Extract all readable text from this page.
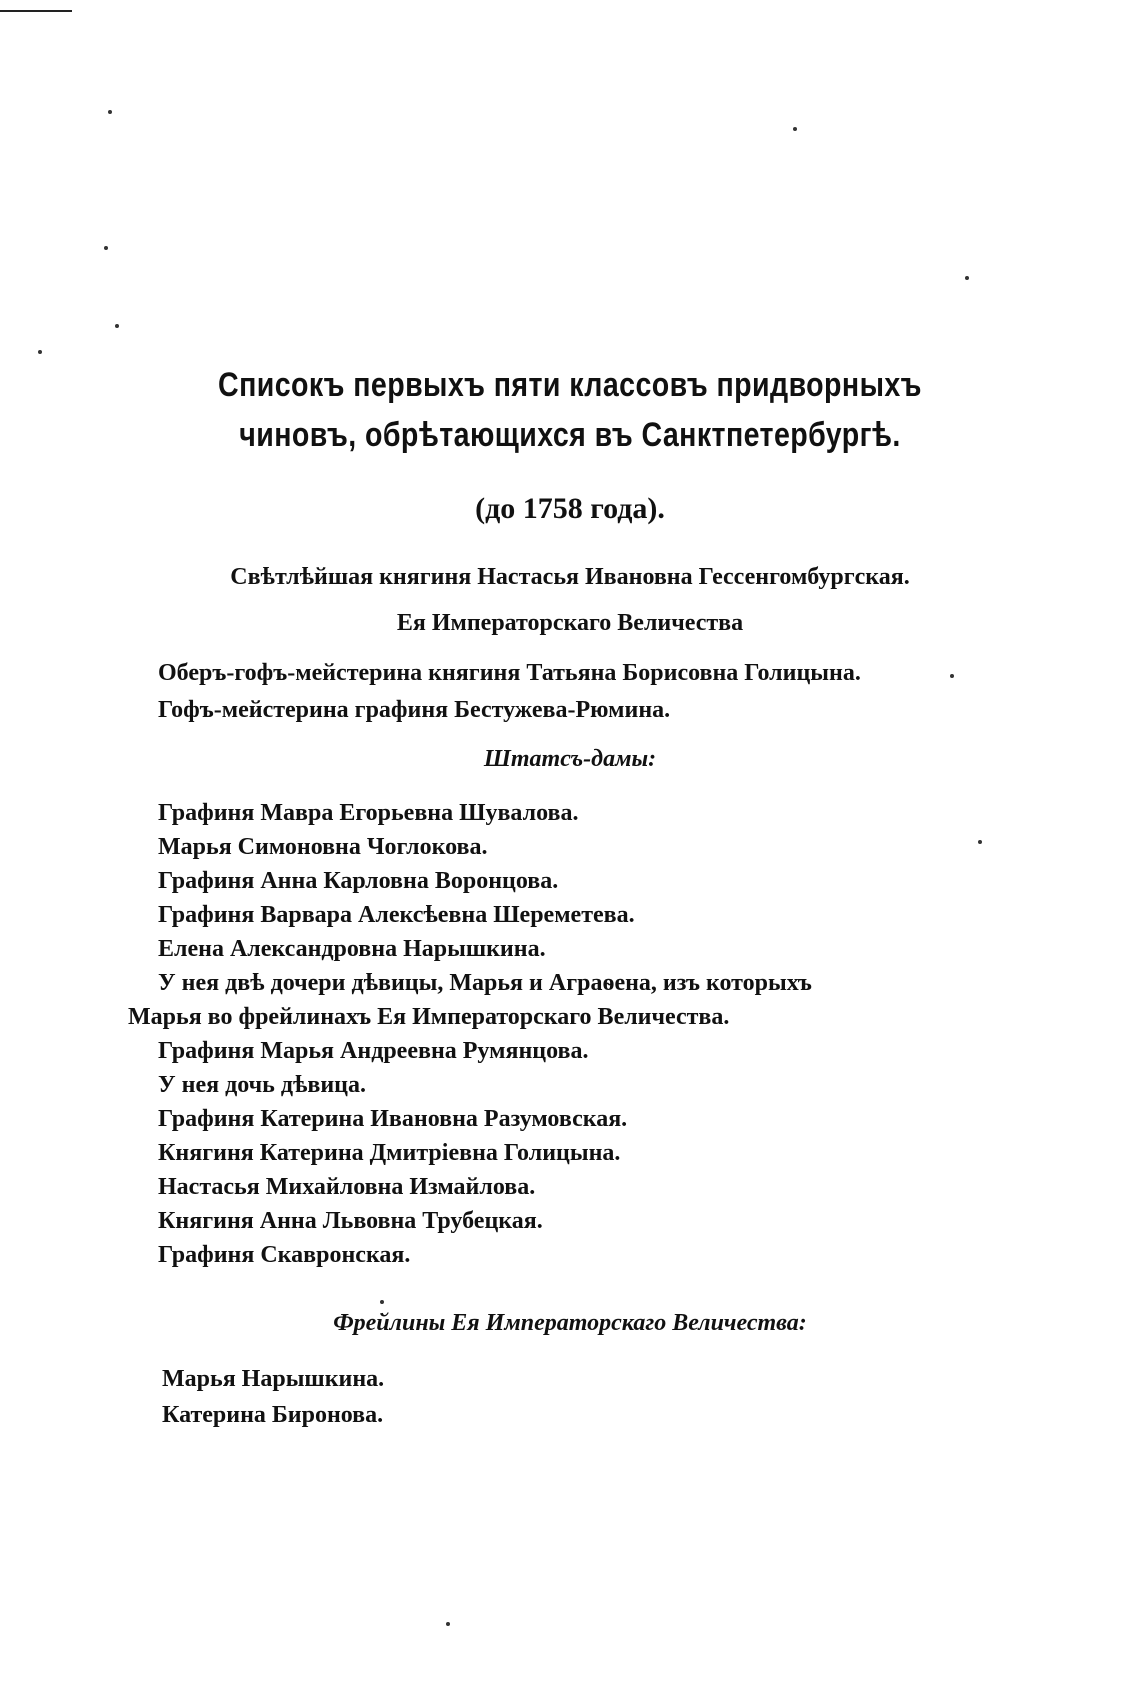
Списокъ первыхъ пяти классовъ придворныхъ
чиновъ, обрѣтающихся въ Санктпетербургѣ.
(до 1758 года).
Свѣтлѣйшая княгиня Настасья Ивановна Гессенгомбургская.
Ея Императорскаго Величества
Оберъ-гофъ-мейстерина княгиня Татьяна Борисовна Голицына.
Гофъ-мейстерина графиня Бестужева-Рюмина.
Штатсъ-дамы:
Графиня Мавра Егорьевна Шувалова.
Марья Симоновна Чоглокова.
Графиня Анна Карловна Воронцова.
Графиня Варвара Алексѣевна Шереметева.
Елена Александровна Нарышкина.
У нея двѣ дочери дѣвицы, Марья и Аграѳена, изъ которыхъ
Марья во фрейлинахъ Ея Императорскаго Величества.
Графиня Марья Андреевна Румянцова.
У нея дочь дѣвица.
Графиня Катерина Ивановна Разумовская.
Княгиня Катерина Дмитріевна Голицына.
Настасья Михайловна Измайлова.
Княгиня Анна Львовна Трубецкая.
Графиня Скавронская.
Фрейлины Ея Императорскаго Величества:
Марья Нарышкина.
Катерина Биронова.
